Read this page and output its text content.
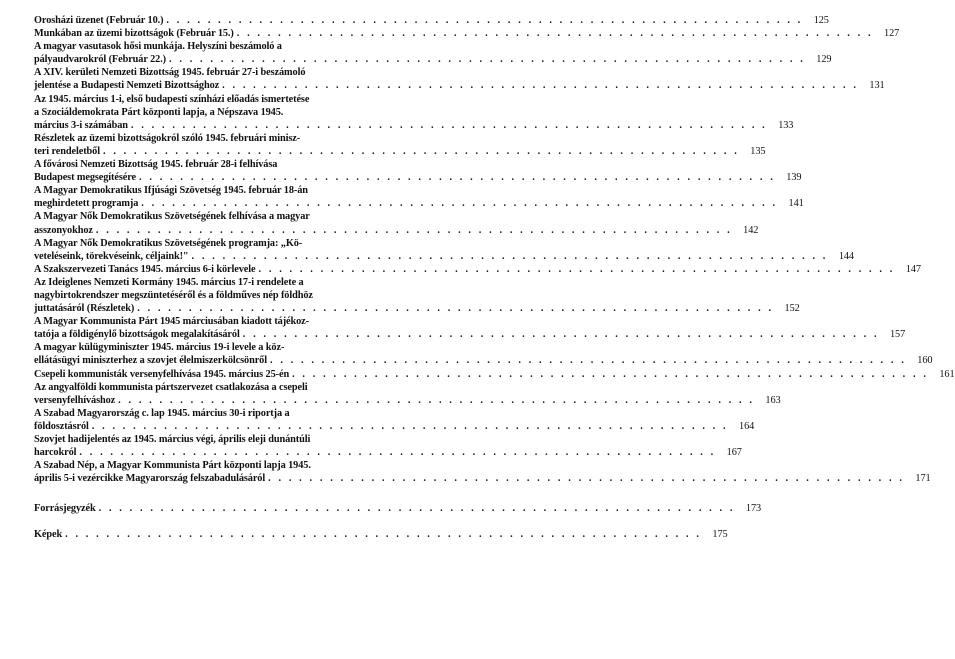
Orosházi üzenet (Február 10.) . . .	125
Munkában az üzemi bizottságok (Február 15.) . . .	127
A magyar vasutasok hősi munkája. Helyszíni beszámoló a
pályaudvarokról (Február 22.) . . .	129
A XIV. kerületi Nemzeti Bizottság 1945. február 27-i beszámoló
jelentése a Budapesti Nemzeti Bizottsághoz . . .	131
Az 1945. március 1-i, első budapesti színházi előadás ismertetése
a Szociáldemokrata Párt központi lapja, a Népszava 1945.
március 3-i számában . . .	133
Részletek az üzemi bizottságokról szóló 1945. februári minisz-
teri rendeletből . . .	135
A fővárosi Nemzeti Bizottság 1945. február 28-i felhívása
Budapest megsegítésére . . .	139
A Magyar Demokratikus Ifjúsági Szövetség 1945. február 18-án
meghirdetett programja . . .	141
A Magyar Nők Demokratikus Szövetségének felhívása a magyar
asszonyokhoz . . .	142
A Magyar Nők Demokratikus Szövetségének programja: „Kö-
veteléseink, törekvéseink, céljaink!" . . .	144
A Szakszervezeti Tanács 1945. március 6-i körlevele . . .	147
Az Ideiglenes Nemzeti Kormány 1945. március 17-i rendelete a
nagybirtokrendszer megszüntetéséről és a földműves nép földhöz
juttatásáról (Részletek) . . .	152
A Magyar Kommunista Párt 1945 márciusában kiadott tájékoz-
tatója a földigénylő bizottságok megalakításáról . . .	157
A magyar külügyminiszter 1945. március 19-i levele a köz-
ellátásügyi miniszterhez a szovjet élelmiszerkölcsönről . . .	160
Csepeli kommunisták versenyfelhívása 1945. március 25-én . . .	161
Az angyalföldi kommunista pártszervezet csatlakozása a csepeli
versenyfelhíváshoz . . .	163
A Szabad Magyarország c. lap 1945. március 30-i riportja a
földosztásról . . .	164
Szovjet hadijelentés az 1945. március végi, április eleji dunántúli
harcokról . . .	167
A Szabad Nép, a Magyar Kommunista Párt központi lapja 1945.
április 5-i vezércikke Magyarország felszabadulásáról . . .	171
Forrásjegyzék . . .	173
Képek . . .	175
